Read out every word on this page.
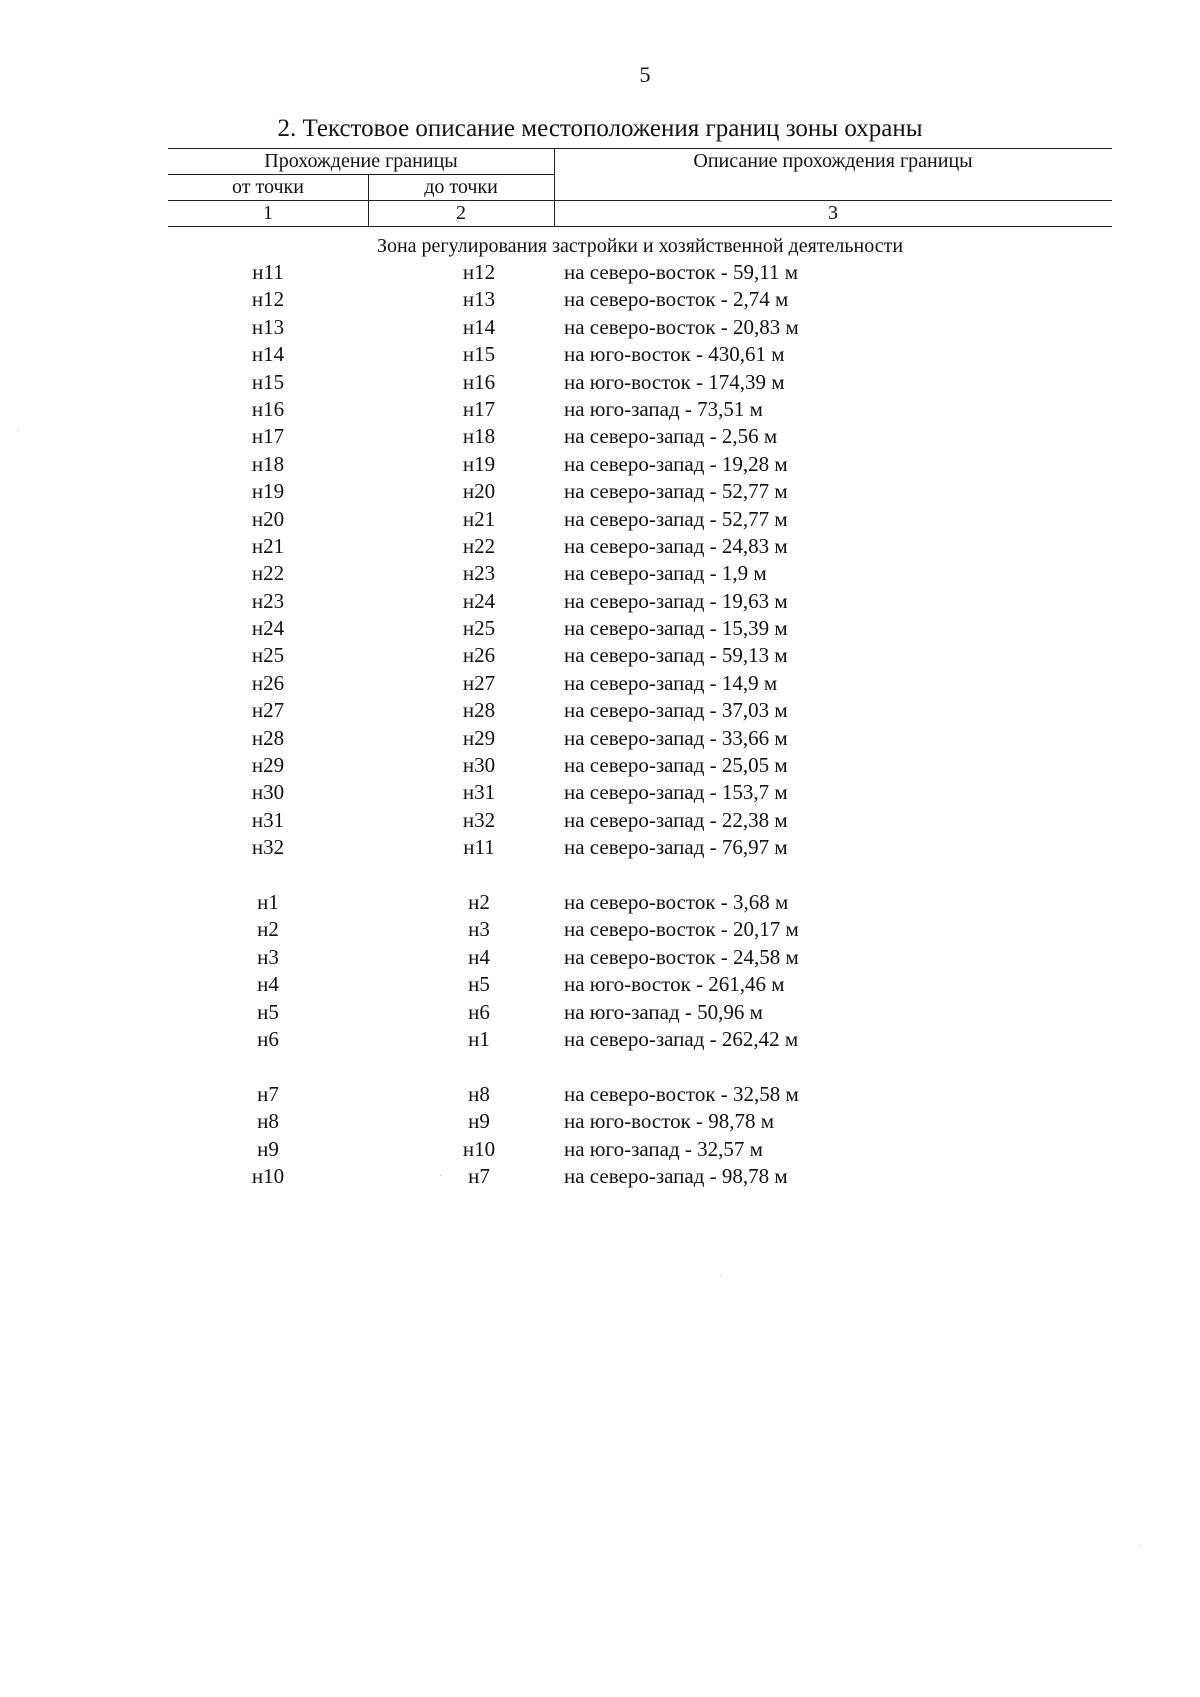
5
2. Текстовое описание местоположения границ зоны охраны
Прохождение границы	Описание прохождения границы
от точки	до точки
1	2	3
Зона регулирования застройки и хозяйственной деятельности
н11	н12	на северо-восток - 59,11 м
н12	н13	на северо-восток - 2,74 м
н13	н14	на северо-восток - 20,83 м
н14	н15	на юго-восток - 430,61 м
н15	н16	на юго-восток - 174,39 м
н16	н17	на юго-запад - 73,51 м
н17	н18	на северо-запад - 2,56 м
н18	н19	на северо-запад - 19,28 м
н19	н20	на северо-запад - 52,77 м
н20	н21	на северо-запад - 52,77 м
н21	н22	на северо-запад - 24,83 м
н22	н23	на северо-запад - 1,9 м
н23	н24	на северо-запад - 19,63 м
н24	н25	на северо-запад - 15,39 м
н25	н26	на северо-запад - 59,13 м
н26	н27	на северо-запад - 14,9 м
н27	н28	на северо-запад - 37,03 м
н28	н29	на северо-запад - 33,66 м
н29	н30	на северо-запад - 25,05 м
н30	н31	на северо-запад - 153,7 м
н31	н32	на северо-запад - 22,38 м
н32	н11	на северо-запад - 76,97 м
н1	н2	на северо-восток - 3,68 м
н2	н3	на северо-восток - 20,17 м
н3	н4	на северо-восток - 24,58 м
н4	н5	на юго-восток - 261,46 м
н5	н6	на юго-запад - 50,96 м
н6	н1	на северо-запад - 262,42 м
н7	н8	на северо-восток - 32,58 м
н8	н9	на юго-восток - 98,78 м
н9	н10	на юго-запад - 32,57 м
н10	н7	на северо-запад - 98,78 м
